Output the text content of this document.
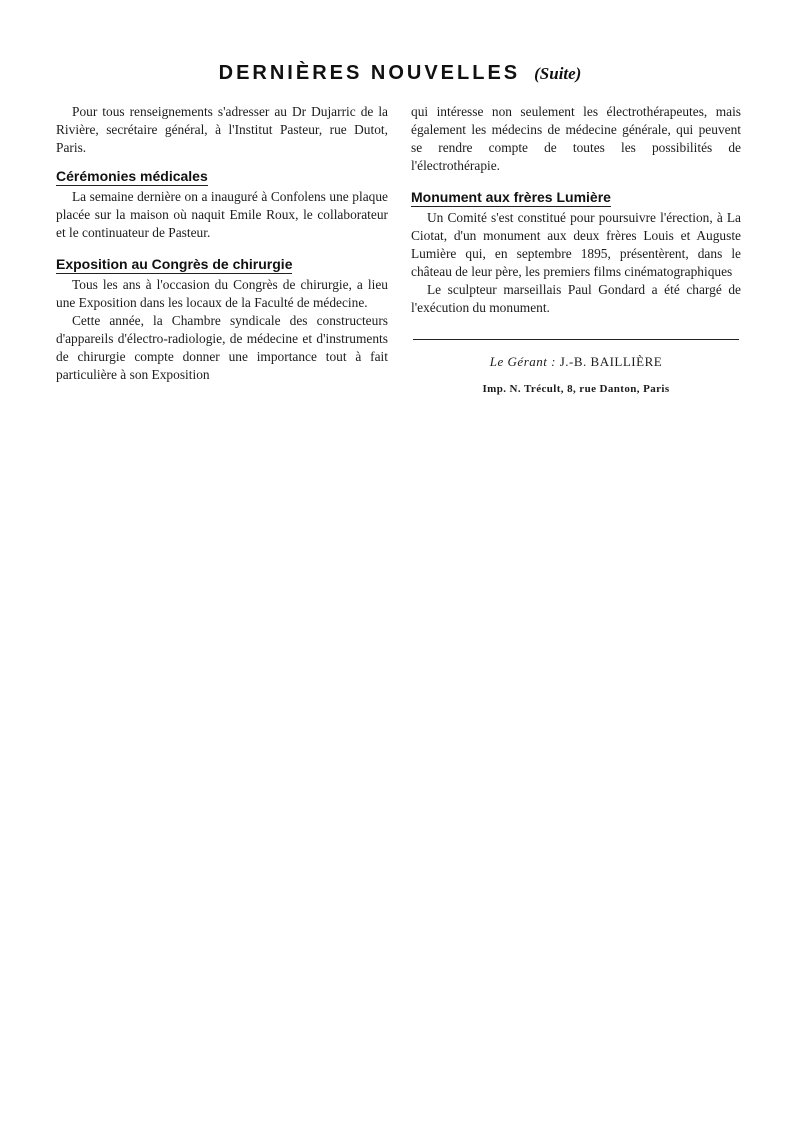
DERNIÈRES NOUVELLES (Suite)

Pour tous renseignements s'adresser au Dr Dujarric de la Rivière, secrétaire général, à l'Institut Pasteur, rue Dutot, Paris.

Cérémonies médicales

La semaine dernière on a inauguré à Confolens une plaque placée sur la maison où naquit Emile Roux, le collaborateur et le continuateur de Pasteur.

Exposition au Congrès de chirurgie

Tous les ans à l'occasion du Congrès de chirurgie, a lieu une Exposition dans les locaux de la Faculté de médecine.

Cette année, la Chambre syndicale des constructeurs d'appareils d'électro-radiologie, de médecine et d'instruments de chirurgie compte donner une importance tout à fait particulière à son Exposition

qui intéresse non seulement les électrothérapeutes, mais également les médecins de médecine générale, qui peuvent se rendre compte de toutes les possibilités de l'électrothérapie.

Monument aux frères Lumière

Un Comité s'est constitué pour poursuivre l'érection, à La Ciotat, d'un monument aux deux frères Louis et Auguste Lumière qui, en septembre 1895, présentèrent, dans le château de leur père, les premiers films cinématographiques

Le sculpteur marseillais Paul Gondard a été chargé de l'exécution du monument.

Le Gérant : J.-B. BAILLIÈRE
Imp. N. Trécult, 8, rue Danton, Paris
